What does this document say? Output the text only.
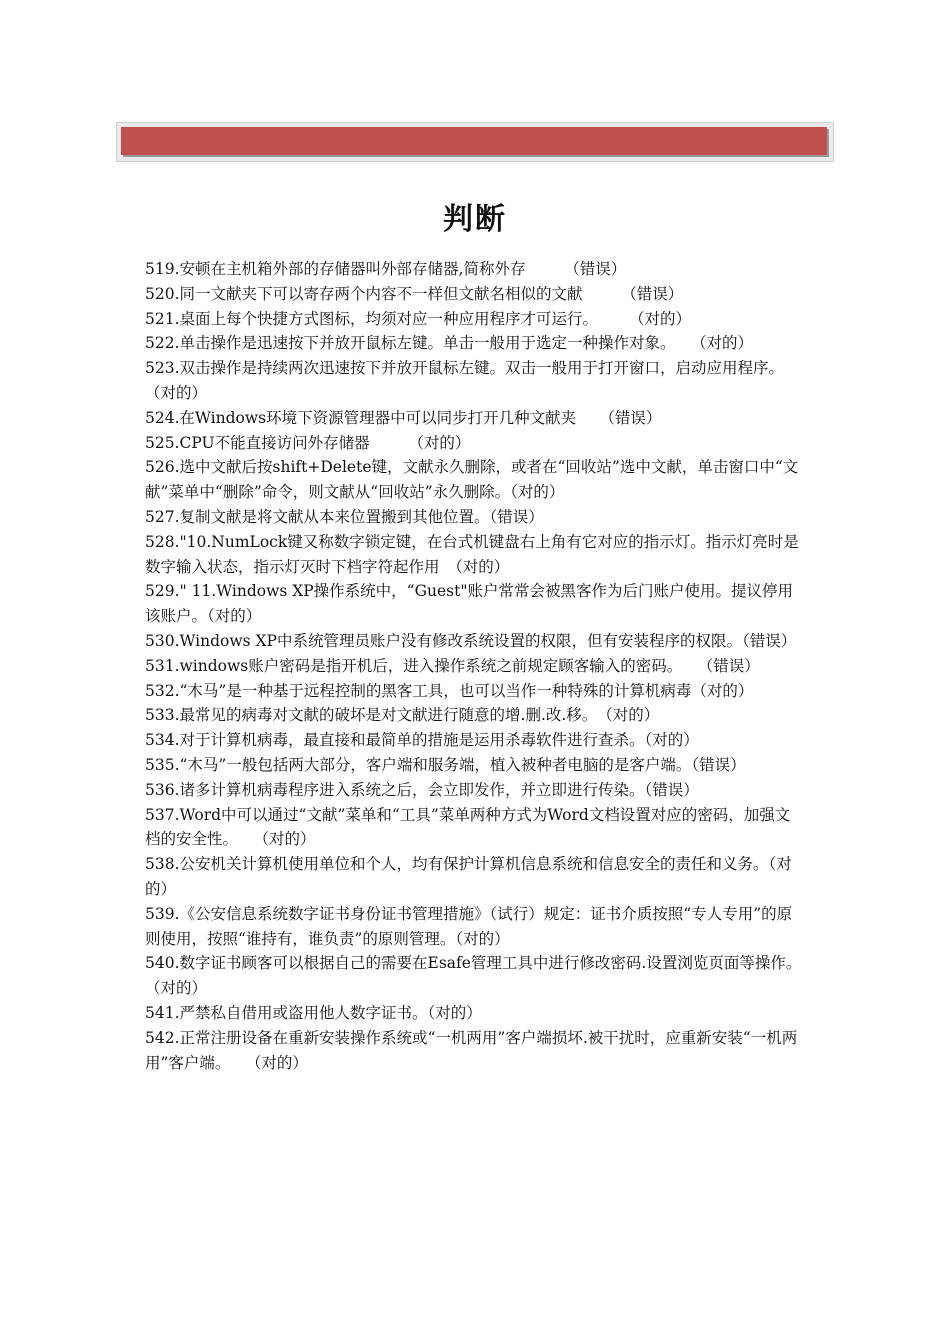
判断

519.安顿在主机箱外部的存储器叫外部存储器,简称外存　　　（错误）

520.同一文献夹下可以寄存两个内容不一样但文献名相似的文献　　　（错误）

521.桌面上每个快捷方式图标，均须对应一种应用程序才可运行。　　　（对的）

522.单击操作是迅速按下并放开鼠标左键。单击一般用于选定一种操作对象。　　（对的）

523.双击操作是持续两次迅速按下并放开鼠标左键。双击一般用于打开窗口，启动应用程序。　　（对的）

524.在Windows环境下资源管理器中可以同步打开几种文献夹　　（错误）

525.CPU不能直接访问外存储器　　　（对的）

526.选中文献后按shift+Delete键，文献永久删除，或者在“回收站”选中文献，单击窗口中“文献”菜单中“删除”命令，则文献从“回收站”永久删除。（对的）

527.复制文献是将文献从本来位置搬到其他位置。（错误）

528."10.NumLock键又称数字锁定键，在台式机键盘右上角有它对应的指示灯。指示灯亮时是数字输入状态，指示灯灭时下档字符起作用　（对的）

529." 11.Windows XP操作系统中，“Guest"账户常常会被黑客作为后门账户使用。提议停用该账户。（对的）

530.Windows XP中系统管理员账户没有修改系统设置的权限，但有安装程序的权限。（错误）

531.windows账户密码是指开机后，进入操作系统之前规定顾客输入的密码。　　（错误）

532.“木马”是一种基于远程控制的黑客工具，也可以当作一种特殊的计算机病毒（对的）

533.最常见的病毒对文献的破坏是对文献进行随意的增.删.改.移。　（对的）

534.对于计算机病毒，最直接和最简单的措施是运用杀毒软件进行查杀。（对的）

535.“木马”一般包括两大部分，客户端和服务端，植入被种者电脑的是客户端。（错误）

536.诸多计算机病毒程序进入系统之后，会立即发作，并立即进行传染。（错误）

537.Word中可以通过“文献”菜单和“工具”菜单两种方式为Word文档设置对应的密码，加强文档的安全性。　　（对的）

538.公安机关计算机使用单位和个人，均有保护计算机信息系统和信息安全的责任和义务。（对的）

539.《公安信息系统数字证书身份证书管理措施》（试行）规定：证书介质按照“专人专用”的原则使用，按照“谁持有，谁负责”的原则管理。（对的）

540.数字证书顾客可以根据自己的需要在Esafe管理工具中进行修改密码.设置浏览页面等操作。　　（对的）

541.严禁私自借用或盗用他人数字证书。（对的）

542.正常注册设备在重新安装操作系统或“一机两用”客户端损坏.被干扰时，应重新安装“一机两用”客户端。　　（对的）
